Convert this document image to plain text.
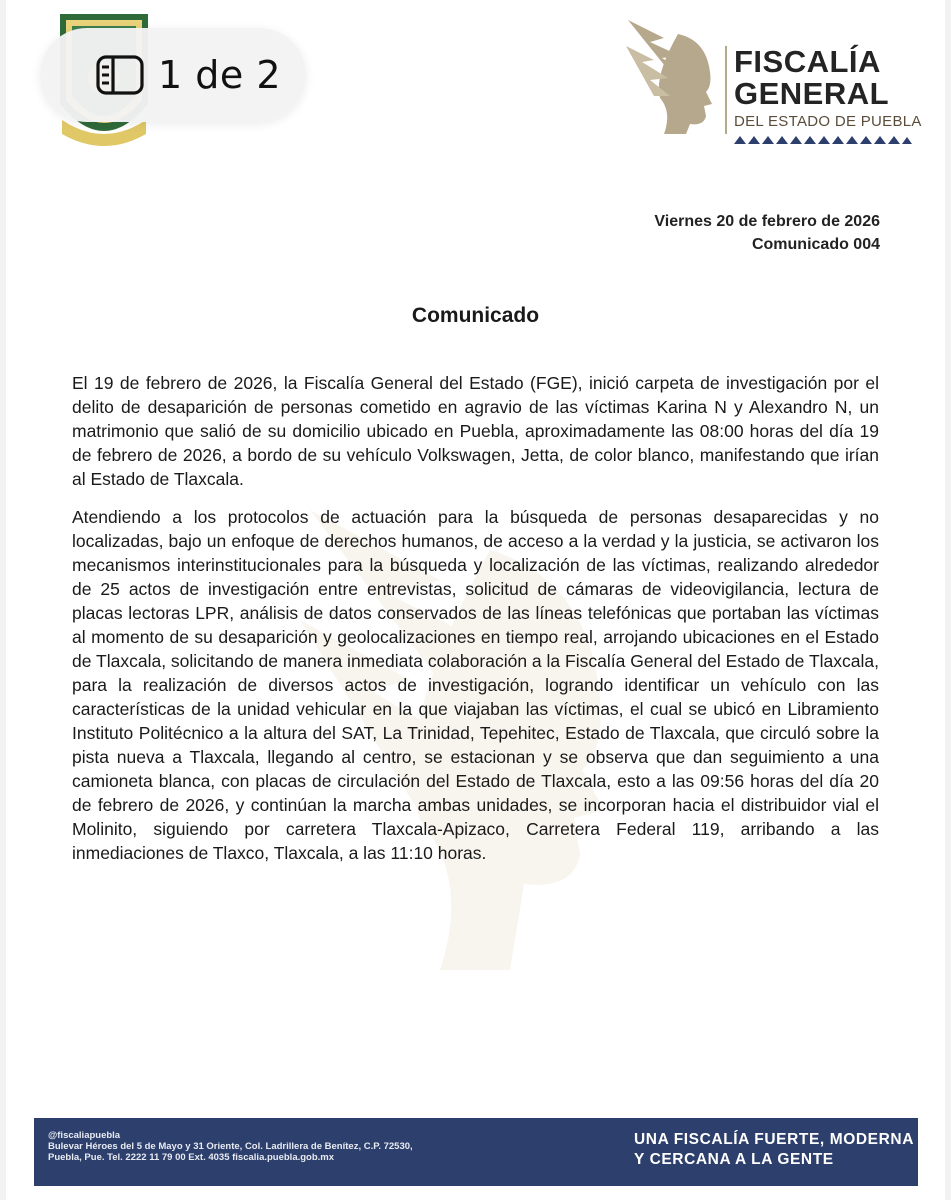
1 de 2	FISCALÍA
GENERAL
DEL ESTADO DE PUEBLA
Viernes 20 de febrero de 2026
Comunicado 004
Comunicado

El 19 de febrero de 2026, la Fiscalía General del Estado (FGE), inició carpeta de investigación por el delito de desaparición de personas cometido en agravio de las víctimas Karina N y Alexandro N, un matrimonio que salió de su domicilio ubicado en Puebla, aproximadamente las 08:00 horas del día 19 de febrero de 2026, a bordo de su vehículo Volkswagen, Jetta, de color blanco, manifestando que irían al Estado de Tlaxcala.

Atendiendo a los protocolos de actuación para la búsqueda de personas desaparecidas y no localizadas, bajo un enfoque de derechos humanos, de acceso a la verdad y la justicia, se activaron los mecanismos interinstitucionales para la búsqueda y localización de las víctimas, realizando alrededor de 25 actos de investigación entre entrevistas, solicitud de cámaras de videovigilancia, lectura de placas lectoras LPR, análisis de datos conservados de las líneas telefónicas que portaban las víctimas al momento de su desaparición y geolocalizaciones en tiempo real, arrojando ubicaciones en el Estado de Tlaxcala, solicitando de manera inmediata colaboración a la Fiscalía General del Estado de Tlaxcala, para la realización de diversos actos de investigación, logrando identificar un vehículo con las características de la unidad vehicular en la que viajaban las víctimas, el cual se ubicó en Libramiento Instituto Politécnico a la altura del SAT, La Trinidad, Tepehitec, Estado de Tlaxcala, que circuló sobre la pista nueva a Tlaxcala, llegando al centro, se estacionan y se observa que dan seguimiento a una camioneta blanca, con placas de circulación del Estado de Tlaxcala, esto a las 09:56 horas del día 20 de febrero de 2026, y continúan la marcha ambas unidades, se incorporan hacia el distribuidor vial el Molinito, siguiendo por carretera Tlaxcala-Apizaco, Carretera Federal 119, arribando a las inmediaciones de Tlaxco, Tlaxcala, a las 11:10 horas.

@fiscaliapuebla
Bulevar Héroes del 5 de Mayo y 31 Oriente, Col. Ladrillera de Benítez, C.P. 72530,
Puebla, Pue. Tel. 2222 11 79 00 Ext. 4035 fiscalia.puebla.gob.mx
UNA FISCALÍA FUERTE, MODERNA
Y CERCANA A LA GENTE
